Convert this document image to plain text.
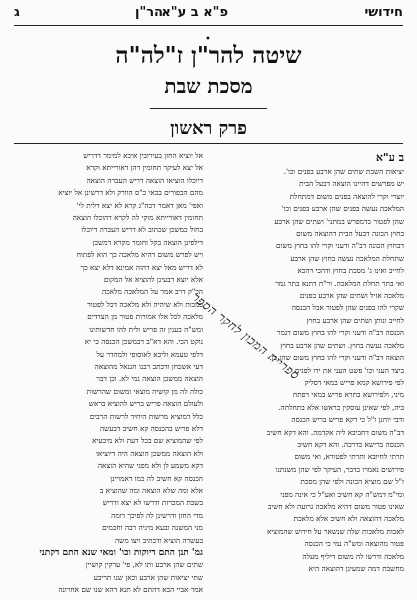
חידושי
פ"א ב ע"א
הר"ן
ג
•
שיטה להר"ן ז"לה"ה
מסכת שבת
פרק ראשון
ב ע"א
יציאות השבת שתים שהן ארבע בפנים וכו'.
יש מפרשים דהיינו הוצאה דבעל הבית
יוצרי וקרי להוצאה בפנים משום דמתחלת
המלאכה נעשה בפנים שהן ארבע בפנים וכו'
שהן לפטור כדמפרש במתני' ושתים שהן ארבע
בחוץ הכונה דבעל הבית דהוצאה משום
דבחוץ הכונה דב"ה ודעני וקרי להו בחוץ משום
שתחלת המלאכה נעשה בחוץ שהן ארבע
לחייב ואינו ג' מסכת בחוץ ודהכי דהכא
ואי בתר תחלת המלאכה. ור"ח דתנא בתר גמר
מלאכה אזיל ושתים שהן ארבע בפנים
שקרי להו בפנים שהן לפטור אבל הכנסה
לחייב ונותן ושתים שהן ארבע בחוץ
הכנסה דב"ה ודעני וקרי להו בחוץ משום דגמר
מלאכה נעשה בחוץ. ושתים שהן ארבע בחוץ
הוצאה דב"ה ודעני וקרי להו בחוץ משום שהן כן.
ביצד העני וכו' פשט העני את ידו לפנים.
לפי פירושא קמא פריש במאי דסליק
מיני, ולפירושא בתרא פריש במאי דפתח
ביה, לפי שאינן עוסקין בראשו אלא בתחלתה.
ודבי יוחנן ז"ל כי דקא פריש בריש הכנסה
דב"ה משום דחביבא ליה אקדמה. והא דקא חשיב
הכנסה ברישא כדרכה. והא דקא חשיב
תרתי לחיובא ותרתי לפטורא, ואי משום
פירושים נאמרו בדבר, העיקר לפי שהן משנתנו
ז"ל שם מוציא הכונה ולפי שהן מסכת
ומי"מ דמש"ה קא חשיב ואע"ל כי אינה מפני
שאינו פטור משום דהיא מלאכה גרועה ולא חשיב
מלאכה דהוצאה ולא חשיב אלא מלאכת
לאבות מלאכות שלה שנשאר על חידוש שהמוציא
פטור מהוצאה ומש"ה נמי כי הכנסה
מלאכה ודרשו לה משום דיליף מעלה
מחשבת דמה שמעינן דהוצאה היא
אל יוציא החזן בעירובין איכא למימר דדריש
אל יצא לעיקר תחומין דהן דאורייתא וקרא
דיוכלו הוציאו הוצאה דריש העברה הוצאה
מהם הכפורים בכאי כ"ס הוורק ולא דרשינן אל יוציא
ואפי' מאן דאמר דכה"ג קרא לא יצא דלית לי'
תחומין דאורייתא מוקי לה לקרא דהוכלו הוצאה
בחול כמשכן שכתוב לא דריש העברה דיוכלו
דילפינן הוצאה בקל וחומר מקרא דמשכן
ויש לפרש משום דהיא מלאכה כך הוא לפתוח
לא דריש מאל יצא דהוה אמינא דלא יצא כך
אלא יוצא דבעינן להוציא אל המקום
הכ"ק דרב אמר על המלאכה מלאכה
כמכות ולא שיהיה ולא מלאכה דכל לפטור
מלאכה לכל אלו אמורות פטור מן הצדדים
ומש"ה בענין זה פריש ולית להו חדשותינו
נוקט הכי. והא דא"ב דבמשכן הכנסה כי יא
דלפי טעמא וליכא לאוסופי ולמהדר על
דעי אשכחן ודכתב רבנו חננאל מהוצאה
הוצאה ממשכן הוצאה נמי לא. וכן דבר
כולה לה מן קושיה מוצאי ומשום שהרשות
ולעולם הוצאה פריש בריש להוציא בראש
כלל דמוציא מרשות היחיד לרשות הרבים
דלא פריש בהכנסה קא חשיב דבעשה
לפי שהמוציא שם בכל דעת ולא מיבעיא
ולא הוצאה ממשכן הוצאה היה דיוציאו
דקא משמע לן ולא מפני שהיא הוצאה
הכנסה קא חשיב לה כמו דאמרינן
אלא ומה שלא הוצאה ומה שהוציא ב
בשבת המכרזת ודרשו לא יצא ודריש
מדי החזן ודרשינן לה לפיכך דומה
מני המשנה ובעא מיניה רבה וחכמים
בעשרה הוציא ודכתיב ויצו משה
גמ' תנן התם דיוקות וכו' ומאי שנא התם דקתני
שתים שהן ארבע ותו לא, פי' ערקין קושיין
שתי יציאות שהן ארבע וכאן שנו תריבע
אמר אביי הכא דהתם לא תנא דהא שנו שם אחרונה
ספריית המכון לחקר הספר
